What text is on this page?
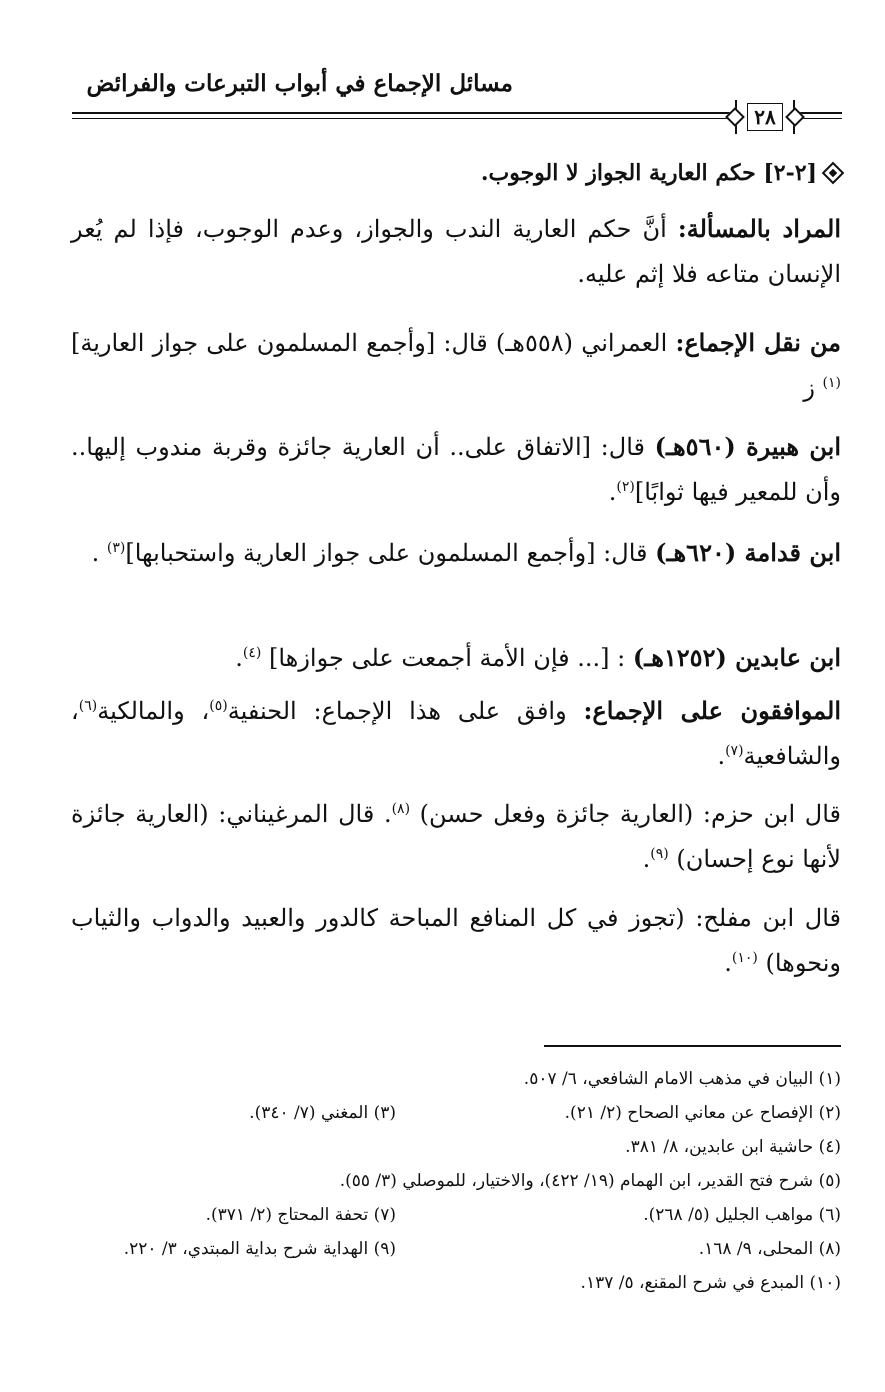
مسائل الإجماع في أبواب التبرعات والفرائض
٢٨
[٢-٢] حكم العارية الجواز لا الوجوب.
المراد بالمسألة: أنَّ حكم العارية الندب والجواز، وعدم الوجوب، فإذا لم يُعر الإنسان متاعه فلا إثم عليه.
من نقل الإجماع: العمراني (٥٥٨هـ) قال: [وأجمع المسلمون على جواز العارية]$^{(١)}$ ز
ابن هبيرة (٥٦٠هـ) قال: [الاتفاق على.. أن العارية جائزة وقربة مندوب إليها.. وأن للمعير فيها ثوابًا]$^{(٢)}$.
ابن قدامة (٦٢٠هـ) قال: [وأجمع المسلمون على جواز العارية واستحبابها]$^{(٣)}$ .
ابن عابدين (١٢٥٢هـ) : [... فإن الأمة أجمعت على جوازها] $^{(٤)}$.
الموافقون على الإجماع: وافق على هذا الإجماع: الحنفية$^{(٥)}$، والمالكية$^{(٦)}$، والشافعية$^{(٧)}$.
قال ابن حزم: (العارية جائزة وفعل حسن) $^{(٨)}$. قال المرغيناني: (العارية جائزة لأنها نوع إحسان) $^{(٩)}$.
قال ابن مفلح: (تجوز في كل المنافع المباحة كالدور والعبيد والدواب والثياب ونحوها) $^{(١٠)}$.
(١) البيان في مذهب الامام الشافعي، ٦/ ٥٠٧.
(٢) الإفصاح عن معاني الصحاح (٢/ ٢١).
(٣) المغني (٧/ ٣٤٠).
(٤) حاشية ابن عابدين، ٨/ ٣٨١.
(٥) شرح فتح القدير، ابن الهمام (١٩/ ٤٢٢)، والاختيار، للموصلي (٣/ ٥٥).
(٦) مواهب الجليل (٥/ ٢٦٨).
(٧) تحفة المحتاج (٢/ ٣٧١).
(٨) المحلى، ٩/ ١٦٨.
(٩) الهداية شرح بداية المبتدي، ٣/ ٢٢٠.
(١٠) المبدع في شرح المقنع، ٥/ ١٣٧.
